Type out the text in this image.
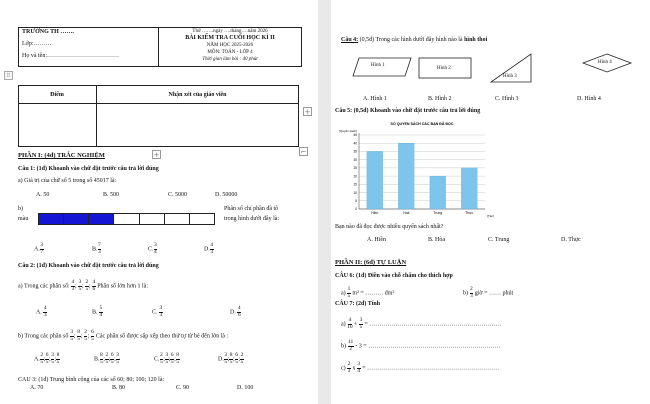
TRƯỜNG TH …….
Lớp:………
Họ và tên:………………………………
Thứ …….ngày ….tháng….năm 2026
BÀI KIỂM TRA CUỐI HỌC KÌ II
NĂM HỌC 2025-2026
MÔN: TOÁN - LỚP 4
Thời gian làm bài : 40 phút
⠿
Điểm	Nhận xét của giáo viên
+
⌐
PHẦN I: (4đ) TRẮC NGHIỆM	+
Câu 1: (1đ) Khoanh vào chữ đặt trước câu trả lời đúng
a) Giá trị của chữ số 5 trong số 45017 là:
A. 50	B. 500	C. 5000	D. 50000
b)
màu
Phân số chỉ phần đã tô
trong hình dưới đây là:
A. $\frac{3}{7}$	B. $\frac{7}{3}$	C. $\frac{3}{4}$	D. $\frac{4}{3}$
Câu 2: (1đ) Khoanh vào chữ đặt trước câu trả lời đúng
a) Trong các phân số: $\frac{4}{3}$ ; $\frac{3}{5}$ ; $\frac{2}{5}$ ; $\frac{4}{6}$ Phân số lớn hơn 1 là:
A. $\frac{4}{3}$	B. $\frac{5}{4}$	C. $\frac{3}{3}$	D. $\frac{4}{6}$
b) Trong các phân số $\frac{3}{5}$ ; $\frac{8}{5}$ ; $\frac{2}{5}$ ; $\frac{6}{5}$ Các phân số được sắp xếp theo thứ tự từ bé đến lớn là :
A. $\frac{2}{5}$ ; $\frac{6}{5}$ ; $\frac{3}{5}$ ; $\frac{8}{5}$	B. $\frac{8}{5}$ ; $\frac{2}{5}$ ; $\frac{6}{5}$ ; $\frac{3}{5}$	C. $\frac{2}{5}$ ; $\frac{3}{5}$ ; $\frac{6}{5}$ ; $\frac{8}{5}$	D. $\frac{3}{5}$ ; $\frac{8}{5}$ ; $\frac{6}{5}$ ; $\frac{2}{5}$
CAU 3: (1đ) Trung bình cộng của các số 60; 80; 100; 120 là:
A. 70	B. 80	C. 90	D. 100
Câu 4: (0,5đ) Trong các hình dưới đây hình nào là hình thoi
Hình 1
Hình 2
Hình 3
Hình 4
A. Hình 1	B. Hình 2	C. Hình 3	D. Hình 4
Câu 5: (0,5đ) Khoanh vào chữ đặt trước câu trả lời đúng
SỐ QUYỂN SÁCH CÁC BẠN ĐÃ ĐỌC
(Quyển sách)
(Tên)
0
5
10
15
20
25
30
35
40
45
Hiền	Hoà	Trung	Thực
Bạn nào đã đọc được nhiều quyển sách nhất?
A. Hiền	B. Hòa	C. Trung	D. Thực
PHẦN II: (6đ) TỰ LUẬN
CÂU 6: (1đ) Điền vào chỗ chấm cho thích hợp
$a) \frac{1}{5} m^2$ = ……… dm²	$b) \frac{2}{3}$ giờ = …… phút
CÂU 7: (2đ) Tính
$a) \frac{4}{10} + \frac{3}{5}$ = …………………………………………………………
$b) \frac{11}{2} - 3$ = …………………………………………………………
$c) \frac{2}{3}$ x $\frac{3}{4}$ = …………………………………………………………
